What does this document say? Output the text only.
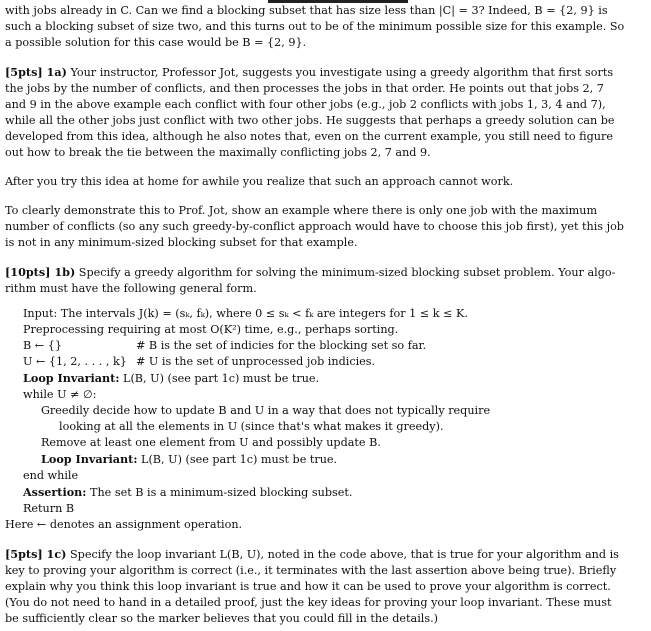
with jobs already in C. Can we find a blocking subset that has size less than |C| = 3? Indeed, B = {2, 9} is
such a blocking subset of size two, and this turns out to be of the minimum possible size for this example. So
a possible solution for this case would be B = {2, 9}.
[5pts] 1a) Your instructor, Professor Jot, suggests you investigate using a greedy algorithm that first sorts
the jobs by the number of conflicts, and then processes the jobs in that order. He points out that jobs 2, 7
and 9 in the above example each conflict with four other jobs (e.g., job 2 conflicts with jobs 1, 3, 4 and 7),
while all the other jobs just conflict with two other jobs. He suggests that perhaps a greedy solution can be
developed from this idea, although he also notes that, even on the current example, you still need to figure
out how to break the tie between the maximally conflicting jobs 2, 7 and 9.
After you try this idea at home for awhile you realize that such an approach cannot work.
To clearly demonstrate this to Prof. Jot, show an example where there is only one job with the maximum
number of conflicts (so any such greedy-by-conflict approach would have to choose this job first), yet this job
is not in any minimum-sized blocking subset for that example.
[10pts] 1b) Specify a greedy algorithm for solving the minimum-sized blocking subset problem. Your algo-
rithm must have the following general form.
Input: The intervals J(k) = (sₖ, fₖ), where 0 ≤ sₖ < fₖ are integers for 1 ≤ k ≤ K.
Preprocessing requiring at most O(K²) time, e.g., perhaps sorting.
B ← {}	# B is the set of indicies for the blocking set so far.
U ← {1, 2, . . . , k} # U is the set of unprocessed job indicies.
Loop Invariant: L(B, U) (see part 1c) must be true.
while U ≠ ∅:
Greedily decide how to update B and U in a way that does not typically require
looking at all the elements in U (since that's what makes it greedy).
Remove at least one element from U and possibly update B.
Loop Invariant: L(B, U) (see part 1c) must be true.
end while
Assertion: The set B is a minimum-sized blocking subset.
Return B
Here ← denotes an assignment operation.
[5pts] 1c) Specify the loop invariant L(B, U), noted in the code above, that is true for your algorithm and is
key to proving your algorithm is correct (i.e., it terminates with the last assertion above being true). Briefly
explain why you think this loop invariant is true and how it can be used to prove your algorithm is correct.
(You do not need to hand in a detailed proof, just the key ideas for proving your loop invariant. These must
be sufficiently clear so the marker believes that you could fill in the details.)
